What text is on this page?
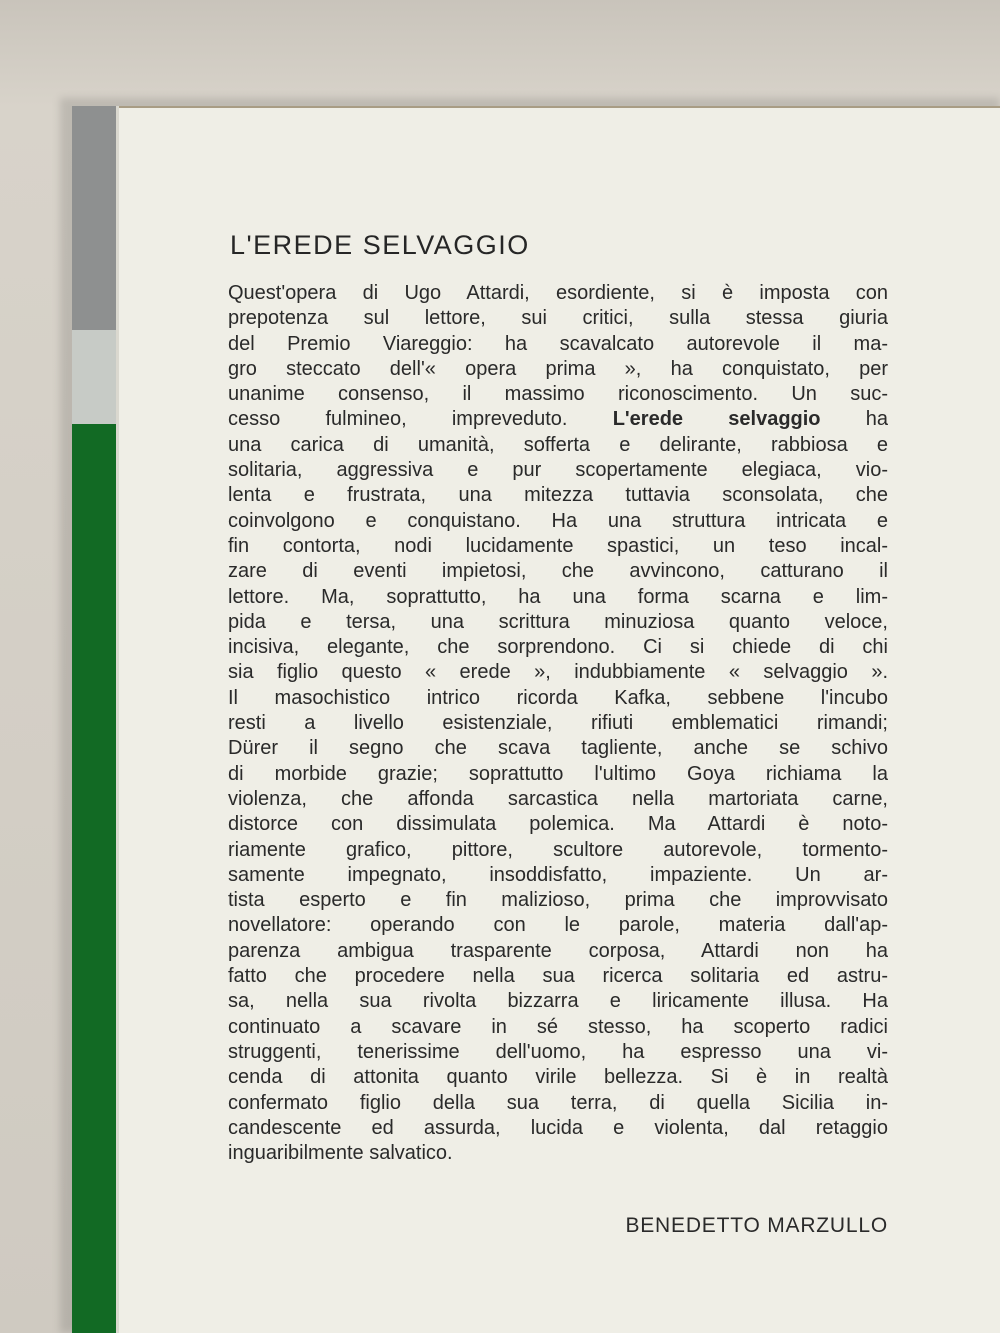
L'EREDE SELVAGGIO
Quest'opera di Ugo Attardi, esordiente, si è imposta con
prepotenza sul lettore, sui critici, sulla stessa giuria
del Premio Viareggio: ha scavalcato autorevole il ma-
gro steccato dell'« opera prima », ha conquistato, per
unanime consenso, il massimo riconoscimento. Un suc-
cesso fulmineo, impreveduto. L'erede selvaggio ha
una carica di umanità, sofferta e delirante, rabbiosa e
solitaria, aggressiva e pur scopertamente elegiaca, vio-
lenta e frustrata, una mitezza tuttavia sconsolata, che
coinvolgono e conquistano. Ha una struttura intricata e
fin contorta, nodi lucidamente spastici, un teso incal-
zare di eventi impietosi, che avvincono, catturano il
lettore. Ma, soprattutto, ha una forma scarna e lim-
pida e tersa, una scrittura minuziosa quanto veloce,
incisiva, elegante, che sorprendono. Ci si chiede di chi
sia figlio questo « erede », indubbiamente « selvaggio ».
Il masochistico intrico ricorda Kafka, sebbene l'incubo
resti a livello esistenziale, rifiuti emblematici rimandi;
Dürer il segno che scava tagliente, anche se schivo
di morbide grazie; soprattutto l'ultimo Goya richiama la
violenza, che affonda sarcastica nella martoriata carne,
distorce con dissimulata polemica. Ma Attardi è noto-
riamente grafico, pittore, scultore autorevole, tormento-
samente impegnato, insoddisfatto, impaziente. Un ar-
tista esperto e fin malizioso, prima che improvvisato
novellatore: operando con le parole, materia dall'ap-
parenza ambigua trasparente corposa, Attardi non ha
fatto che procedere nella sua ricerca solitaria ed astru-
sa, nella sua rivolta bizzarra e liricamente illusa. Ha
continuato a scavare in sé stesso, ha scoperto radici
struggenti, tenerissime dell'uomo, ha espresso una vi-
cenda di attonita quanto virile bellezza. Si è in realtà
confermato figlio della sua terra, di quella Sicilia in-
candescente ed assurda, lucida e violenta, dal retaggio
inguaribilmente salvatico.
BENEDETTO MARZULLO
